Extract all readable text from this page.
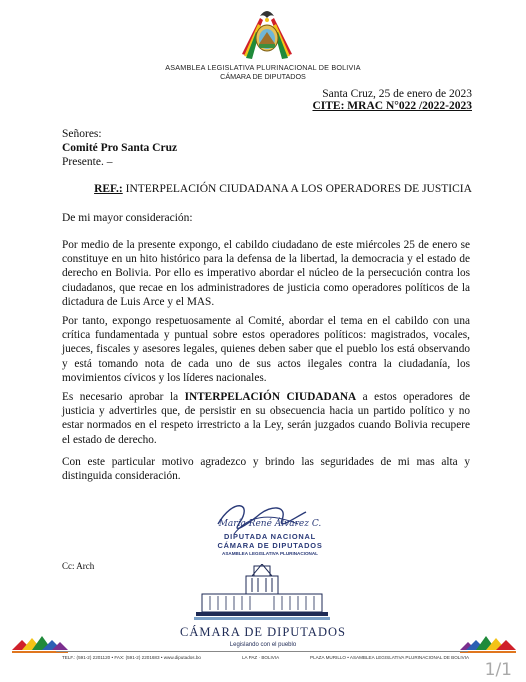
ASAMBLEA LEGISLATIVA PLURINACIONAL DE BOLIVIA
CÁMARA DE DIPUTADOS
Santa Cruz, 25 de enero de 2023
CITE: MRAC N°022 /2022-2023
Señores:
Comité Pro Santa Cruz
Presente. –
REF.: INTERPELACIÓN CIUDADANA A LOS OPERADORES DE JUSTICIA
De mi mayor consideración:
Por medio de la presente expongo, el cabildo ciudadano de este miércoles 25 de enero se constituye en un hito histórico para la defensa de la libertad, la democracia y el estado de derecho en Bolivia. Por ello es imperativo abordar el núcleo de la persecución contra los ciudadanos, que recae en los administradores de justicia como operadores políticos de la dictadura de Luis Arce y el MAS.
Por tanto, expongo respetuosamente al Comité, abordar el tema en el cabildo con una crítica fundamentada y puntual sobre estos operadores políticos: magistrados, vocales, jueces, fiscales y asesores legales, quienes deben saber que el pueblo los está observando y está tomando nota de cada uno de sus actos ilegales contra la ciudadanía, los movimientos cívicos y los líderes nacionales.
Es necesario aprobar la INTERPELACIÓN CIUDADANA a estos operadores de justicia y advertirles que, de persistir en su obsecuencia hacia un partido político y no estar normados en el respeto irrestricto a la Ley, serán juzgados cuando Bolivia recupere el estado de derecho.
Con este particular motivo agradezco y brindo las seguridades de mi mas alta y distinguida consideración.
María René Álvarez C.
DIPUTADA NACIONAL
CÁMARA DE DIPUTADOS
ASAMBLEA LEGISLATIVA PLURINACIONAL
Cc: Arch
CÁMARA DE DIPUTADOS
Legislando con el pueblo
TELF.: (591-2) 2201120 • FAX: (591-2) 2201683 • www.diputados.bo	LA PAZ · BOLIVIA	PLAZA MURILLO • ASAMBLEA LEGISLATIVA PLURINACIONAL DE BOLIVIA
1/1
